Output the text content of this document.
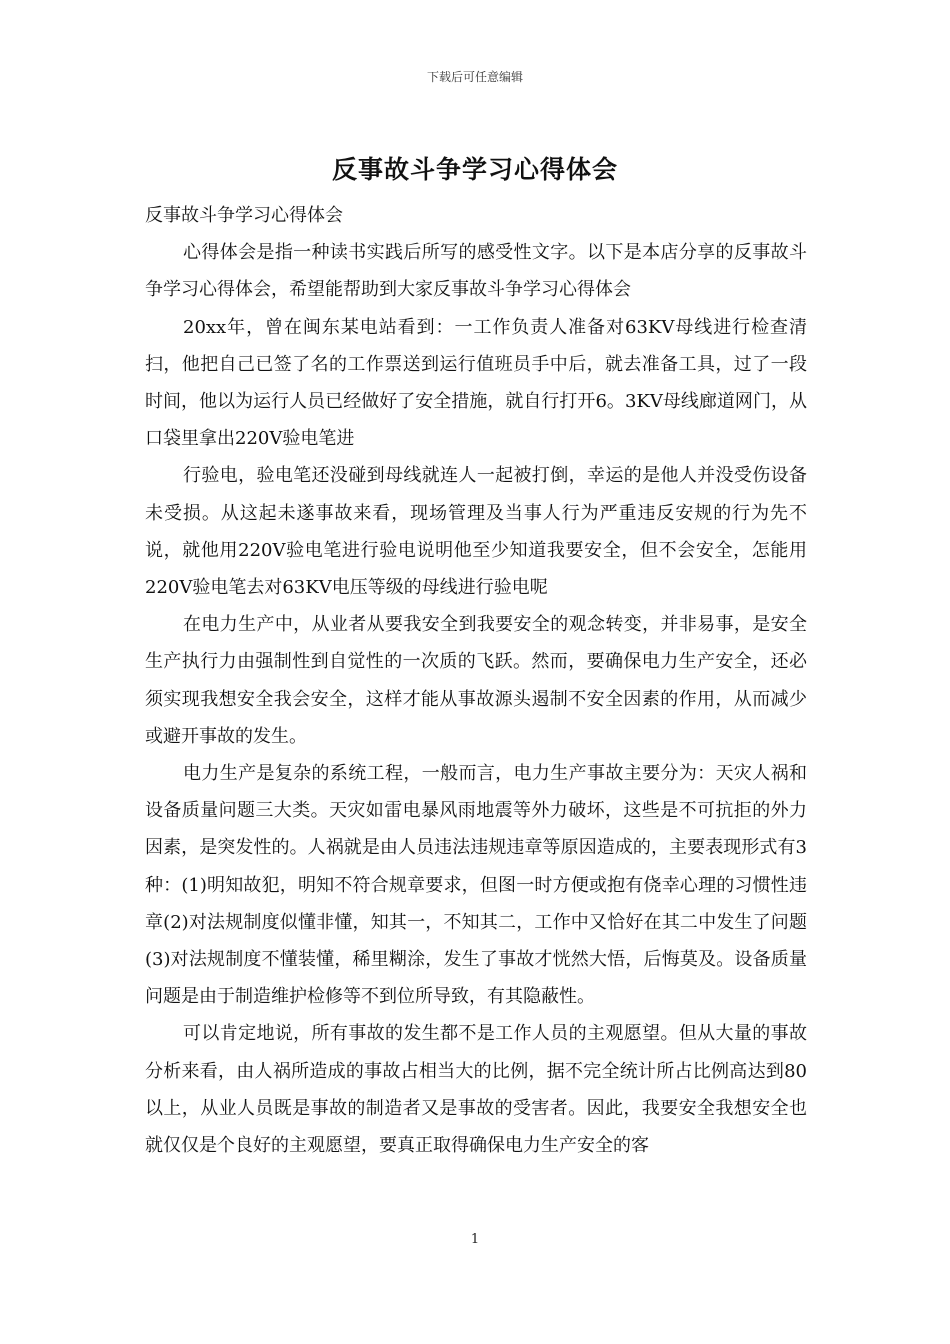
下载后可任意编辑
反事故斗争学习心得体会

反事故斗争学习心得体会

心得体会是指一种读书实践后所写的感受性文字。以下是本店分享的反事故斗争学习心得体会，希望能帮助到大家反事故斗争学习心得体会

20xx年，曾在闽东某电站看到：一工作负责人准备对63KV母线进行检查清扫，他把自己已签了名的工作票送到运行值班员手中后，就去准备工具，过了一段时间，他以为运行人员已经做好了安全措施，就自行打开6。3KV母线廊道网门，从口袋里拿出220V验电笔进

行验电，验电笔还没碰到母线就连人一起被打倒，幸运的是他人并没受伤设备未受损。从这起未遂事故来看，现场管理及当事人行为严重违反安规的行为先不说，就他用220V验电笔进行验电说明他至少知道我要安全，但不会安全，怎能用220V验电笔去对63KV电压等级的母线进行验电呢

在电力生产中，从业者从要我安全到我要安全的观念转变，并非易事，是安全生产执行力由强制性到自觉性的一次质的飞跃。然而，要确保电力生产安全，还必须实现我想安全我会安全，这样才能从事故源头遏制不安全因素的作用，从而减少或避开事故的发生。

电力生产是复杂的系统工程，一般而言，电力生产事故主要分为：天灾人祸和设备质量问题三大类。天灾如雷电暴风雨地震等外力破坏，这些是不可抗拒的外力因素，是突发性的。人祸就是由人员违法违规违章等原因造成的，主要表现形式有3种：(1)明知故犯，明知不符合规章要求，但图一时方便或抱有侥幸心理的习惯性违章(2)对法规制度似懂非懂，知其一，不知其二，工作中又恰好在其二中发生了问题(3)对法规制度不懂装懂，稀里糊涂，发生了事故才恍然大悟，后悔莫及。设备质量问题是由于制造维护检修等不到位所导致，有其隐蔽性。

可以肯定地说，所有事故的发生都不是工作人员的主观愿望。但从大量的事故分析来看，由人祸所造成的事故占相当大的比例，据不完全统计所占比例高达到80以上，从业人员既是事故的制造者又是事故的受害者。因此，我要安全我想安全也就仅仅是个良好的主观愿望，要真正取得确保电力生产安全的客

1
